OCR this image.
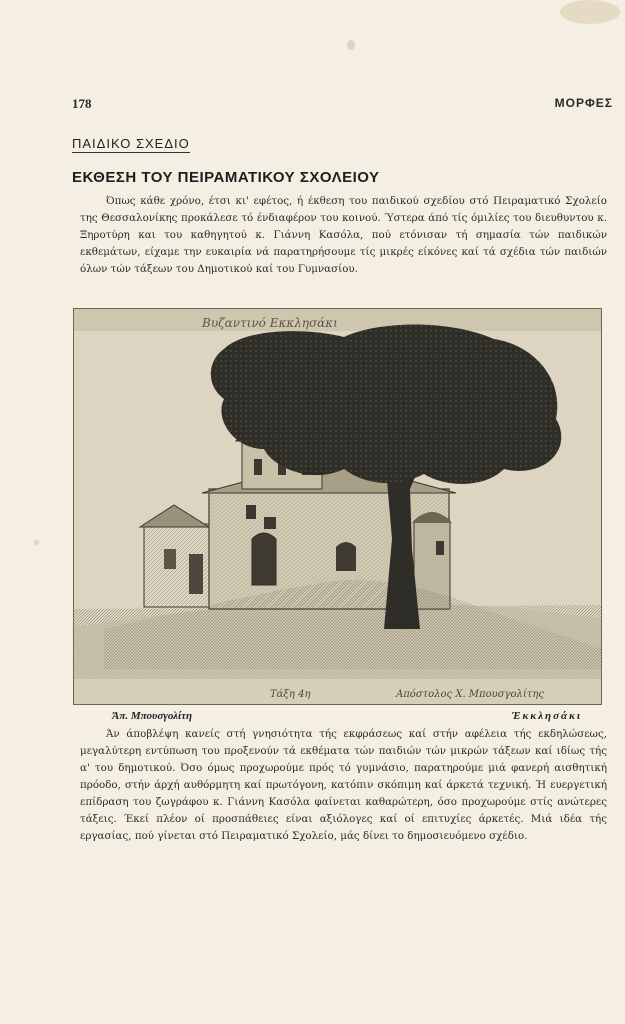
178	ΜΟΡΦΕΣ
ΠΑΙΔΙΚΟ ΣΧΕΔΙΟ
ΕΚΘΕΣΗ ΤΟΥ ΠΕΙΡΑΜΑΤΙΚΟΥ ΣΧΟΛΕΙΟΥ

Όπως κάθε χρόνο, έτσι κι' εφέτος, ή έκθεση του παιδικού σχεδίου στό Πειραματικό Σχολείο της Θεσσαλονίκης προκάλεσε τό ένδιαφέρον του κοινού. Ύστερα άπό τίς όμιλίες του διευθυντου κ. Ξηροτύρη και του καθηγητού κ. Γιάννη Κασόλα, πού ετόνισαν τή σημασία τών παιδικών εκθεμάτων, είχαμε την ευκαιρία νά παρατηρήσουμε τίς μικρές είκόνες καί τά σχέδια τών παιδιών όλων τών τάξεων του Δημοτικού καί του Γυμνασίου.

Βυζαντινό Εκκλησάκι
Τάξη 4η	Απόστολος Χ. Μπουσγολίτης
Άπ. Μπουσγολίτη	Έκκλησάκι

Άν άποβλέψη κανείς στή γνησιότητα τής εκφράσεως καί στήν αφέλεια τής εκδηλώσεως, μεγαλύτερη εντύπωση του προξενούν τά εκθέματα τών παιδιών τών μικρών τάξεων καί ιδίως τής α' του δημοτικού. Όσο όμως προχωρούμε πρός τό γυμνάσιο, παρατηρούμε μιά φανερή αισθητική πρόοδο, στήν άρχή αυθόρμητη καί πρωτόγονη, κατόπιν σκόπιμη καί άρκετά τεχνική. Ή ευεργετική επίδραση του ζωγράφου κ. Γιάννη Κασόλα φαίνεται καθαρώτερη, όσο προχωρούμε στίς ανώτερες τάξεις. Έκεί πλέον οί προσπάθειες είναι αξιόλογες καί οί επιτυχίες άρκετές. Μιά ιδέα τής εργασίας, πού γίνεται στό Πειραματικό Σχολείο, μάς δίνει το δημοσιευόμενο σχέδιο.
